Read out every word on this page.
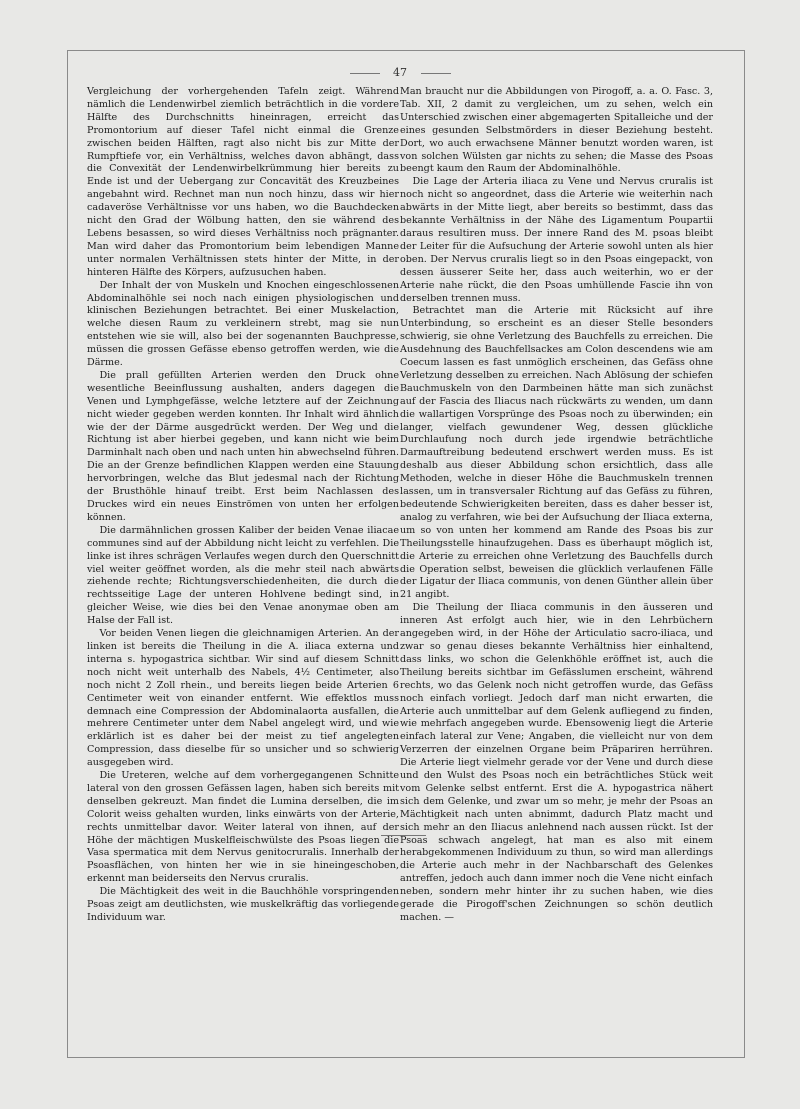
47

Vergleichung der vorhergehenden Tafeln zeigt. Während nämlich die Lendenwirbel ziemlich beträchtlich in die vordere Hälfte des Durchschnitts hineinragen, erreicht das Promontorium auf dieser Tafel nicht einmal die Grenze zwischen beiden Hälften, ragt also nicht bis zur Mitte der Rumpftiefe vor, ein Verhältniss, welches davon abhängt, dass die Convexität der Lendenwirbelkrümmung hier bereits zu Ende ist und der Uebergang zur Concavität des Kreuzbeines angebahnt wird. Rechnet man nun noch hinzu, dass wir hier cadaveröse Verhältnisse vor uns haben, wo die Bauchdecken nicht den Grad der Wölbung hatten, den sie während des Lebens besassen, so wird dieses Verhältniss noch prägnanter. Man wird daher das Promontorium beim lebendigen Manne unter normalen Verhältnissen stets hinter der Mitte, in der hinteren Hälfte des Körpers, aufzusuchen haben.

Der Inhalt der von Muskeln und Knochen eingeschlossenen Abdominalhöhle sei noch nach einigen physiologischen und klinischen Beziehungen betrachtet. Bei einer Muskelaction, welche diesen Raum zu verkleinern strebt, mag sie nun entstehen wie sie will, also bei der sogenannten Bauchpresse, müssen die grossen Gefässe ebenso getroffen werden, wie die Därme.

Die prall gefüllten Arterien werden den Druck ohne wesentliche Beeinflussung aushalten, anders dagegen die Venen und Lymphgefässe, welche letztere auf der Zeichnung nicht wieder gegeben werden konnten. Ihr Inhalt wird ähnlich wie der der Därme ausgedrückt werden. Der Weg und die Richtung ist aber hierbei gegeben, und kann nicht wie beim Darminhalt nach oben und nach unten hin abwechselnd führen. Die an der Grenze befindlichen Klappen werden eine Stauung hervorbringen, welche das Blut jedesmal nach der Richtung der Brusthöhle hinauf treibt. Erst beim Nachlassen des Druckes wird ein neues Einströmen von unten her erfolgen können.

Die darmähnlichen grossen Kaliber der beiden Venae iliacae communes sind auf der Abbildung nicht leicht zu verfehlen. Die linke ist ihres schrägen Verlaufes wegen durch den Querschnitt viel weiter geöffnet worden, als die mehr steil nach abwärts ziehende rechte; Richtungsverschiedenheiten, die durch die rechtsseitige Lage der unteren Hohlvene bedingt sind, in gleicher Weise, wie dies bei den Venae anonymae oben am Halse der Fall ist.

Vor beiden Venen liegen die gleichnamigen Arterien. An der linken ist bereits die Theilung in die A. iliaca externa und interna s. hypogastrica sichtbar. Wir sind auf diesem Schnitt noch nicht weit unterhalb des Nabels, 4½ Centimeter, also noch nicht 2 Zoll rhein., und bereits liegen beide Arterien 6 Centimeter weit von einander entfernt. Wie effektlos muss demnach eine Compression der Abdominalaorta ausfallen, die mehrere Centimeter unter dem Nabel angelegt wird, und wie erklärlich ist es daher bei der meist zu tief angelegten Compression, dass dieselbe für so unsicher und so schwierig ausgegeben wird.

Die Ureteren, welche auf dem vorhergegangenen Schnitte lateral von den grossen Gefässen lagen, haben sich bereits mit denselben gekreuzt. Man findet die Lumina derselben, die im Colorit weiss gehalten wurden, links einwärts von der Arterie, rechts unmittelbar davor. Weiter lateral von ihnen, auf der Höhe der mächtigen Muskelfleischwülste des Psoas liegen die Vasa spermatica mit dem Nervus genitocruralis. Innerhalb der Psoasflächen, von hinten her wie in sie hineingeschoben, erkennt man beiderseits den Nervus cruralis.

Die Mächtigkeit des weit in die Bauchhöhle vorspringenden Psoas zeigt am deutlichsten, wie muskelkräftig das vorliegende Individuum war.

Man braucht nur die Abbildungen von Pirogoff, a. a. O. Fasc. 3, Tab. XII, 2 damit zu vergleichen, um zu sehen, welch ein Unterschied zwischen einer abgemagerten Spitalleiche und der eines gesunden Selbstmörders in dieser Beziehung besteht. Dort, wo auch erwachsene Männer benutzt worden waren, ist von solchen Wülsten gar nichts zu sehen; die Masse des Psoas beengt kaum den Raum der Abdominalhöhle.

Die Lage der Arteria iliaca zu Vene und Nervus cruralis ist noch nicht so angeordnet, dass die Arterie wie weiterhin nach abwärts in der Mitte liegt, aber bereits so bestimmt, dass das bekannte Verhältniss in der Nähe des Ligamentum Poupartii daraus resultiren muss. Der innere Rand des M. psoas bleibt der Leiter für die Aufsuchung der Arterie sowohl unten als hier oben. Der Nervus cruralis liegt so in den Psoas eingepackt, von dessen äusserer Seite her, dass auch weiterhin, wo er der Arterie nahe rückt, die den Psoas umhüllende Fascie ihn von derselben trennen muss.

Betrachtet man die Arterie mit Rücksicht auf ihre Unterbindung, so erscheint es an dieser Stelle besonders schwierig, sie ohne Verletzung des Bauchfells zu erreichen. Die Ausdehnung des Bauchfellsackes am Colon descendens wie am Coecum lassen es fast unmöglich erscheinen, das Gefäss ohne Verletzung desselben zu erreichen. Nach Ablösung der schiefen Bauchmuskeln von den Darmbeinen hätte man sich zunächst auf der Fascia des Iliacus nach rückwärts zu wenden, um dann die wallartigen Vorsprünge des Psoas noch zu überwinden; ein langer, vielfach gewundener Weg, dessen glückliche Durchlaufung noch durch jede irgendwie beträchtliche Darmauftreibung bedeutend erschwert werden muss. Es ist deshalb aus dieser Abbildung schon ersichtlich, dass alle Methoden, welche in dieser Höhe die Bauchmuskeln trennen lassen, um in transversaler Richtung auf das Gefäss zu führen, bedeutende Schwierigkeiten bereiten, dass es daher besser ist, analog zu verfahren, wie bei der Aufsuchung der Iliaca externa, um so von unten her kommend am Rande des Psoas bis zur Theilungsstelle hinaufzugehen. Dass es überhaupt möglich ist, die Arterie zu erreichen ohne Verletzung des Bauchfells durch die Operation selbst, beweisen die glücklich verlaufenen Fälle der Ligatur der Iliaca communis, von denen Günther allein über 21 angibt.

Die Theilung der Iliaca communis in den äusseren und inneren Ast erfolgt auch hier, wie in den Lehrbüchern angegeben wird, in der Höhe der Articulatio sacro-iliaca, und zwar so genau dieses bekannte Verhältniss hier einhaltend, dass links, wo schon die Gelenkhöhle eröffnet ist, auch die Theilung bereits sichtbar im Gefässlumen erscheint, während rechts, wo das Gelenk noch nicht getroffen wurde, das Gefäss noch einfach vorliegt. Jedoch darf man nicht erwarten, die Arterie auch unmittelbar auf dem Gelenk aufliegend zu finden, wie mehrfach angegeben wurde. Ebensowenig liegt die Arterie einfach lateral zur Vene; Angaben, die vielleicht nur von dem Verzerren der einzelnen Organe beim Präpariren herrühren. Die Arterie liegt vielmehr gerade vor der Vene und durch diese und den Wulst des Psoas noch ein beträchtliches Stück weit vom Gelenke selbst entfernt. Erst die A. hypogastrica nähert sich dem Gelenke, und zwar um so mehr, je mehr der Psoas an Mächtigkeit nach unten abnimmt, dadurch Platz macht und sich mehr an den Iliacus anlehnend nach aussen rückt. Ist der Psoas schwach angelegt, hat man es also mit einem herabgekommenen Individuum zu thun, so wird man allerdings die Arterie auch mehr in der Nachbarschaft des Gelenkes antreffen, jedoch auch dann immer noch die Vene nicht einfach neben, sondern mehr hinter ihr zu suchen haben, wie dies gerade die Pirogoff'schen Zeichnungen so schön deutlich machen. —
